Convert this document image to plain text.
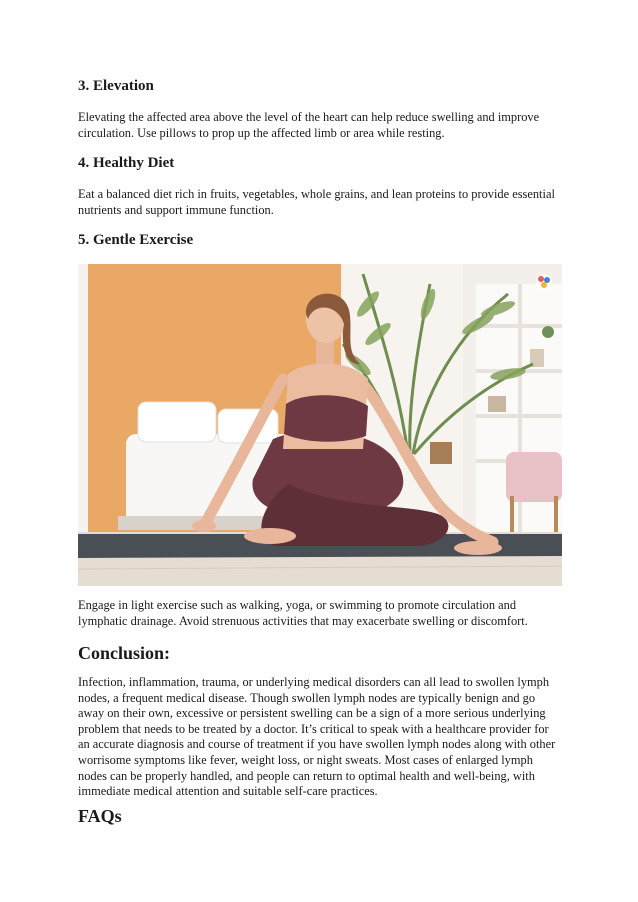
3. Elevation

Elevating the affected area above the level of the heart can help reduce swelling and improve circulation. Use pillows to prop up the affected limb or area while resting.

4. Healthy Diet

Eat a balanced diet rich in fruits, vegetables, whole grains, and lean proteins to provide essential nutrients and support immune function.

5. Gentle Exercise

Engage in light exercise such as walking, yoga, or swimming to promote circulation and lymphatic drainage. Avoid strenuous activities that may exacerbate swelling or discomfort.

Conclusion:

Infection, inflammation, trauma, or underlying medical disorders can all lead to swollen lymph nodes, a frequent medical disease. Though swollen lymph nodes are typically benign and go away on their own, excessive or persistent swelling can be a sign of a more serious underlying problem that needs to be treated by a doctor. It’s critical to speak with a healthcare provider for an accurate diagnosis and course of treatment if you have swollen lymph nodes along with other worrisome symptoms like fever, weight loss, or night sweats. Most cases of enlarged lymph nodes can be properly handled, and people can return to optimal health and well-being, with immediate medical attention and suitable self-care practices.

FAQs
